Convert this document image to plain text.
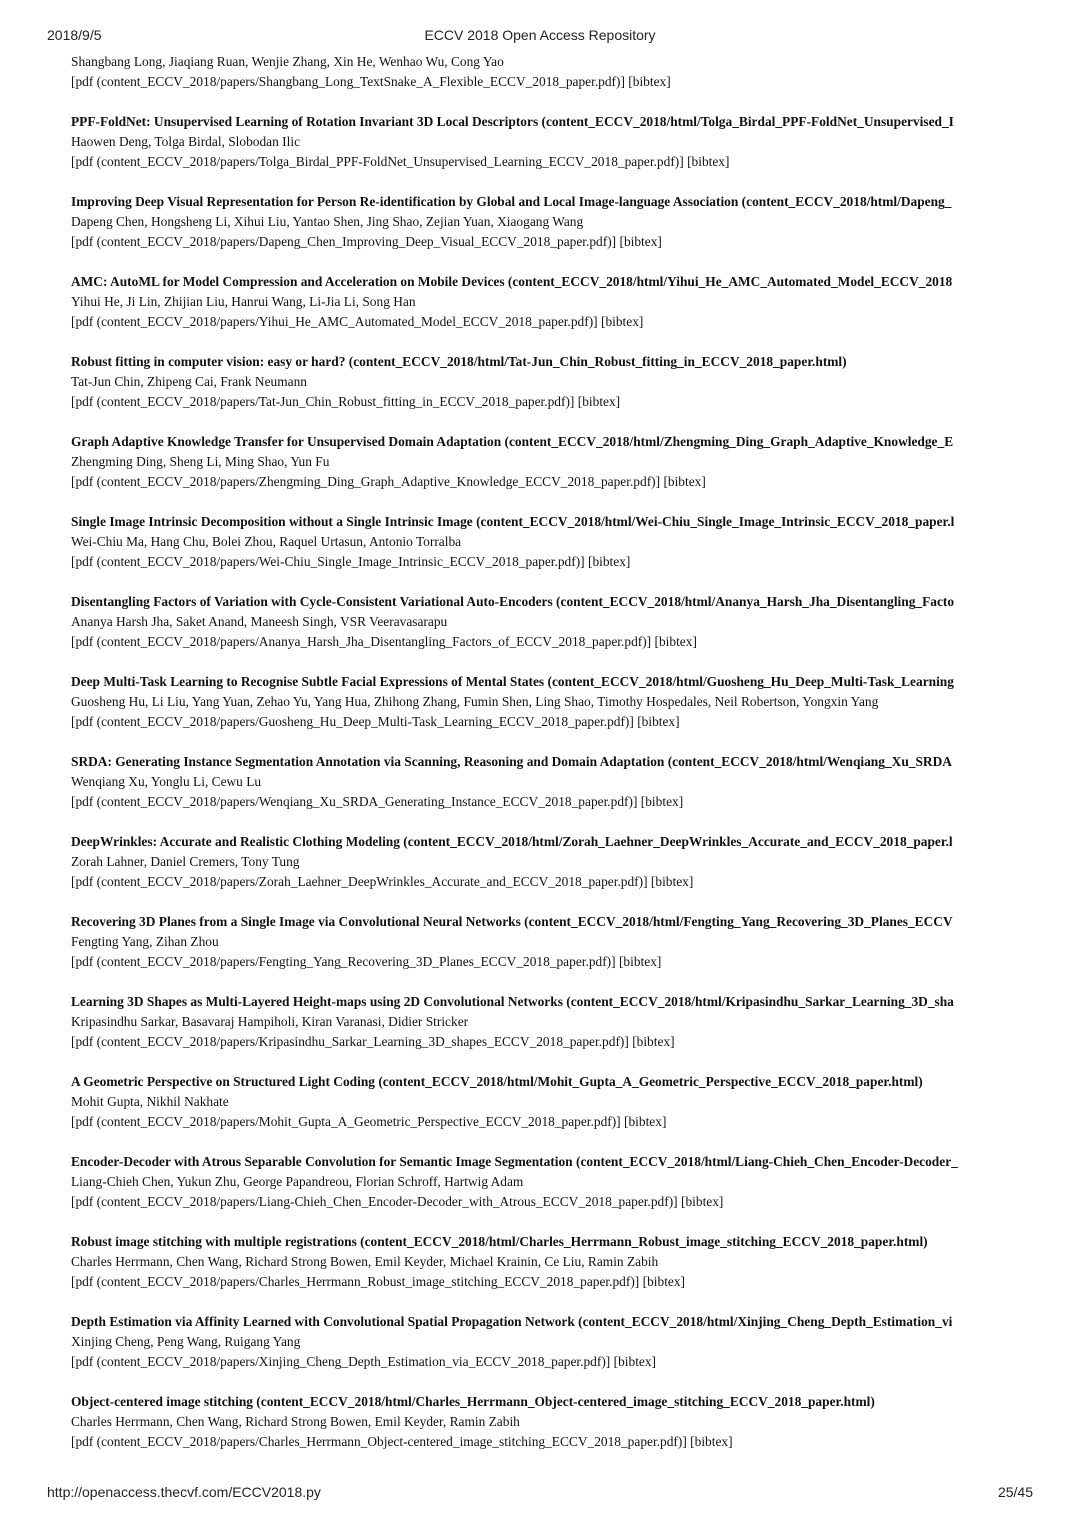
2018/9/5	ECCV 2018 Open Access Repository
Shangbang Long, Jiaqiang Ruan, Wenjie Zhang, Xin He, Wenhao Wu, Cong Yao
[pdf (content_ECCV_2018/papers/Shangbang_Long_TextSnake_A_Flexible_ECCV_2018_paper.pdf)] [bibtex]
PPF-FoldNet: Unsupervised Learning of Rotation Invariant 3D Local Descriptors (content_ECCV_2018/html/Tolga_Birdal_PPF-FoldNet_Unsupervised_I
Haowen Deng, Tolga Birdal, Slobodan Ilic
[pdf (content_ECCV_2018/papers/Tolga_Birdal_PPF-FoldNet_Unsupervised_Learning_ECCV_2018_paper.pdf)] [bibtex]
Improving Deep Visual Representation for Person Re-identification by Global and Local Image-language Association (content_ECCV_2018/html/Dapeng_
Dapeng Chen, Hongsheng Li, Xihui Liu, Yantao Shen, Jing Shao, Zejian Yuan, Xiaogang Wang
[pdf (content_ECCV_2018/papers/Dapeng_Chen_Improving_Deep_Visual_ECCV_2018_paper.pdf)] [bibtex]
AMC: AutoML for Model Compression and Acceleration on Mobile Devices (content_ECCV_2018/html/Yihui_He_AMC_Automated_Model_ECCV_2018
Yihui He, Ji Lin, Zhijian Liu, Hanrui Wang, Li-Jia Li, Song Han
[pdf (content_ECCV_2018/papers/Yihui_He_AMC_Automated_Model_ECCV_2018_paper.pdf)] [bibtex]
Robust fitting in computer vision: easy or hard? (content_ECCV_2018/html/Tat-Jun_Chin_Robust_fitting_in_ECCV_2018_paper.html)
Tat-Jun Chin, Zhipeng Cai, Frank Neumann
[pdf (content_ECCV_2018/papers/Tat-Jun_Chin_Robust_fitting_in_ECCV_2018_paper.pdf)] [bibtex]
Graph Adaptive Knowledge Transfer for Unsupervised Domain Adaptation (content_ECCV_2018/html/Zhengming_Ding_Graph_Adaptive_Knowledge_E
Zhengming Ding, Sheng Li, Ming Shao, Yun Fu
[pdf (content_ECCV_2018/papers/Zhengming_Ding_Graph_Adaptive_Knowledge_ECCV_2018_paper.pdf)] [bibtex]
Single Image Intrinsic Decomposition without a Single Intrinsic Image (content_ECCV_2018/html/Wei-Chiu_Single_Image_Intrinsic_ECCV_2018_paper.l
Wei-Chiu Ma, Hang Chu, Bolei Zhou, Raquel Urtasun, Antonio Torralba
[pdf (content_ECCV_2018/papers/Wei-Chiu_Single_Image_Intrinsic_ECCV_2018_paper.pdf)] [bibtex]
Disentangling Factors of Variation with Cycle-Consistent Variational Auto-Encoders (content_ECCV_2018/html/Ananya_Harsh_Jha_Disentangling_Facto
Ananya Harsh Jha, Saket Anand, Maneesh Singh, VSR Veeravasarapu
[pdf (content_ECCV_2018/papers/Ananya_Harsh_Jha_Disentangling_Factors_of_ECCV_2018_paper.pdf)] [bibtex]
Deep Multi-Task Learning to Recognise Subtle Facial Expressions of Mental States (content_ECCV_2018/html/Guosheng_Hu_Deep_Multi-Task_Learning
Guosheng Hu, Li Liu, Yang Yuan, Zehao Yu, Yang Hua, Zhihong Zhang, Fumin Shen, Ling Shao, Timothy Hospedales, Neil Robertson, Yongxin Yang
[pdf (content_ECCV_2018/papers/Guosheng_Hu_Deep_Multi-Task_Learning_ECCV_2018_paper.pdf)] [bibtex]
SRDA: Generating Instance Segmentation Annotation via Scanning, Reasoning and Domain Adaptation (content_ECCV_2018/html/Wenqiang_Xu_SRDA
Wenqiang Xu, Yonglu Li, Cewu Lu
[pdf (content_ECCV_2018/papers/Wenqiang_Xu_SRDA_Generating_Instance_ECCV_2018_paper.pdf)] [bibtex]
DeepWrinkles: Accurate and Realistic Clothing Modeling (content_ECCV_2018/html/Zorah_Laehner_DeepWrinkles_Accurate_and_ECCV_2018_paper.l
Zorah Lahner, Daniel Cremers, Tony Tung
[pdf (content_ECCV_2018/papers/Zorah_Laehner_DeepWrinkles_Accurate_and_ECCV_2018_paper.pdf)] [bibtex]
Recovering 3D Planes from a Single Image via Convolutional Neural Networks (content_ECCV_2018/html/Fengting_Yang_Recovering_3D_Planes_ECCV
Fengting Yang, Zihan Zhou
[pdf (content_ECCV_2018/papers/Fengting_Yang_Recovering_3D_Planes_ECCV_2018_paper.pdf)] [bibtex]
Learning 3D Shapes as Multi-Layered Height-maps using 2D Convolutional Networks (content_ECCV_2018/html/Kripasindhu_Sarkar_Learning_3D_sha
Kripasindhu Sarkar, Basavaraj Hampiholi, Kiran Varanasi, Didier Stricker
[pdf (content_ECCV_2018/papers/Kripasindhu_Sarkar_Learning_3D_shapes_ECCV_2018_paper.pdf)] [bibtex]
A Geometric Perspective on Structured Light Coding (content_ECCV_2018/html/Mohit_Gupta_A_Geometric_Perspective_ECCV_2018_paper.html)
Mohit Gupta, Nikhil Nakhate
[pdf (content_ECCV_2018/papers/Mohit_Gupta_A_Geometric_Perspective_ECCV_2018_paper.pdf)] [bibtex]
Encoder-Decoder with Atrous Separable Convolution for Semantic Image Segmentation (content_ECCV_2018/html/Liang-Chieh_Chen_Encoder-Decoder_
Liang-Chieh Chen, Yukun Zhu, George Papandreou, Florian Schroff, Hartwig Adam
[pdf (content_ECCV_2018/papers/Liang-Chieh_Chen_Encoder-Decoder_with_Atrous_ECCV_2018_paper.pdf)] [bibtex]
Robust image stitching with multiple registrations (content_ECCV_2018/html/Charles_Herrmann_Robust_image_stitching_ECCV_2018_paper.html)
Charles Herrmann, Chen Wang, Richard Strong Bowen, Emil Keyder, Michael Krainin, Ce Liu, Ramin Zabih
[pdf (content_ECCV_2018/papers/Charles_Herrmann_Robust_image_stitching_ECCV_2018_paper.pdf)] [bibtex]
Depth Estimation via Affinity Learned with Convolutional Spatial Propagation Network (content_ECCV_2018/html/Xinjing_Cheng_Depth_Estimation_vi
Xinjing Cheng, Peng Wang, Ruigang Yang
[pdf (content_ECCV_2018/papers/Xinjing_Cheng_Depth_Estimation_via_ECCV_2018_paper.pdf)] [bibtex]
Object-centered image stitching (content_ECCV_2018/html/Charles_Herrmann_Object-centered_image_stitching_ECCV_2018_paper.html)
Charles Herrmann, Chen Wang, Richard Strong Bowen, Emil Keyder, Ramin Zabih
[pdf (content_ECCV_2018/papers/Charles_Herrmann_Object-centered_image_stitching_ECCV_2018_paper.pdf)] [bibtex]
http://openaccess.thecvf.com/ECCV2018.py	25/45
